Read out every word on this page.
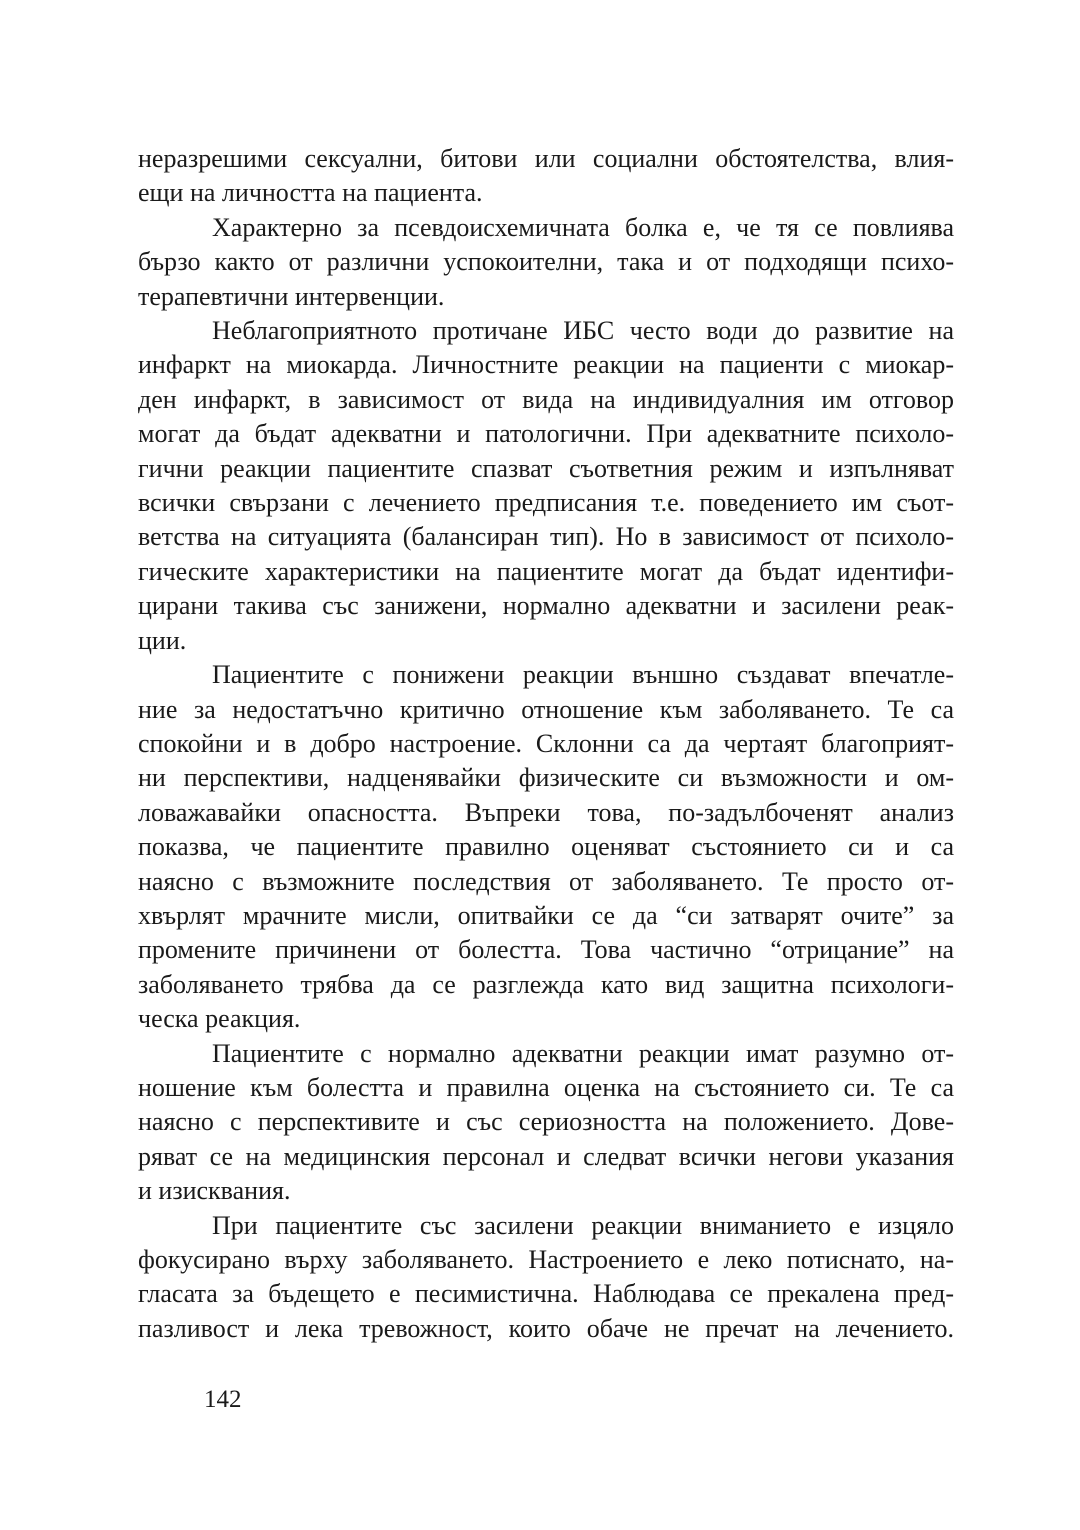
неразрешими сексуални, битови или социални обстоятелства, влия-
ещи на личността на пациента.

Характерно за псевдоисхемичната болка е, че тя се повлиява
бързо както от различни успокоителни, така и от подходящи психо-
терапевтични интервенции.

Неблагоприятното протичане ИБС често води до развитие на
инфаркт на миокарда. Личностните реакции на пациенти с миокар-
ден инфаркт, в зависимост от вида на индивидуалния им отговор
могат да бъдат адекватни и патологични. При адекватните психоло-
гични реакции пациентите спазват съответния режим и изпълняват
всички свързани с лечението предписания т.е. поведението им съот-
ветства на ситуацията (балансиран тип). Но в зависимост от психоло-
гическите характеристики на пациентите могат да бъдат идентифи-
цирани такива със занижени, нормално адекватни и засилени реак-
ции.

Пациентите с понижени реакции външно създават впечатле-
ние за недостатъчно критично отношение към заболяването. Те са
спокойни и в добро настроение. Склонни са да чертаят благоприят-
ни перспективи, надценявайки физическите си възможности и ом-
ловажавайки опасността. Въпреки това, по-задълбоченят анализ
показва, че пациентите правилно оценяват състоянието си и са
наясно с възможните последствия от заболяването. Те просто от-
хвърлят мрачните мисли, опитвайки се да “си затварят очите” за
промените причинени от болестта. Това частично “отрицание” на
заболяването трябва да се разглежда като вид защитна психологи-
ческа реакция.

Пациентите с нормално адекватни реакции имат разумно от-
ношение към болестта и правилна оценка на състоянието си. Те са
наясно с перспективите и със сериозността на положението. Дове-
ряват се на медицинския персонал и следват всички негови указания
и изисквания.

При пациентите със засилени реакции вниманието е изцяло
фокусирано върху заболяването. Настроението е леко потиснато, на-
гласата за бъдещето е песимистична. Наблюдава се прекалена пред-
пазливост и лека тревожност, които обаче не пречат на лечението.

142
